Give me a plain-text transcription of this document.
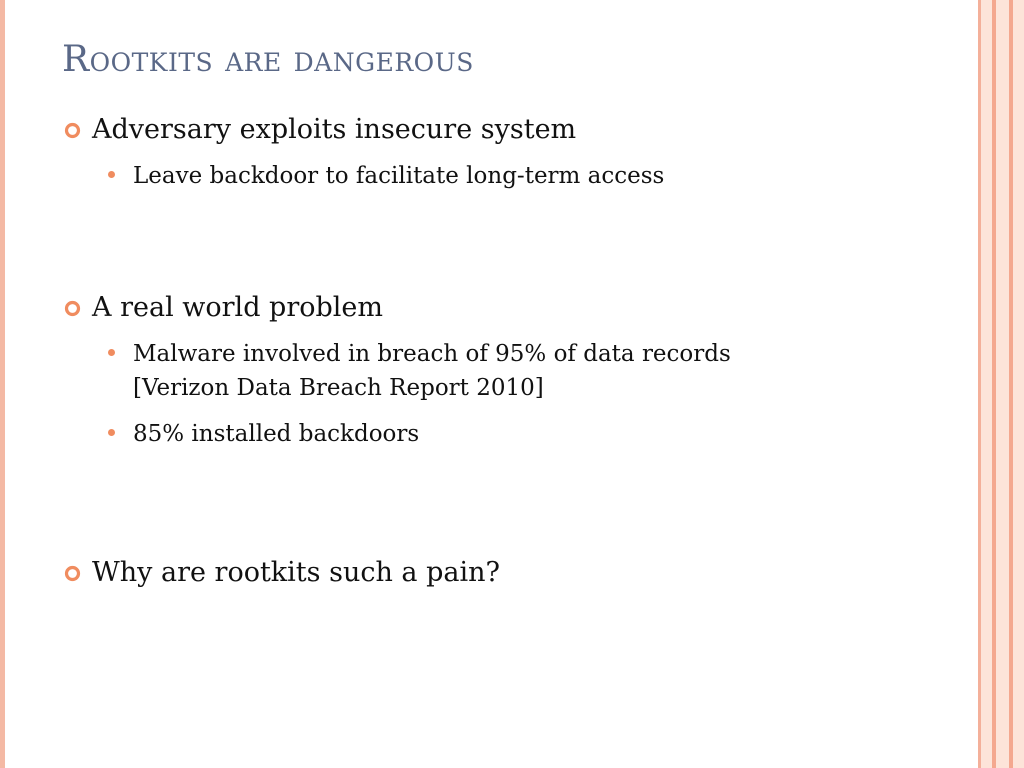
Rootkits are dangerous
Adversary exploits insecure system
Leave backdoor to facilitate long-term access
A real world problem
Malware involved in breach of 95% of data records
[Verizon Data Breach Report 2010]
85% installed backdoors
Why are rootkits such a pain?
